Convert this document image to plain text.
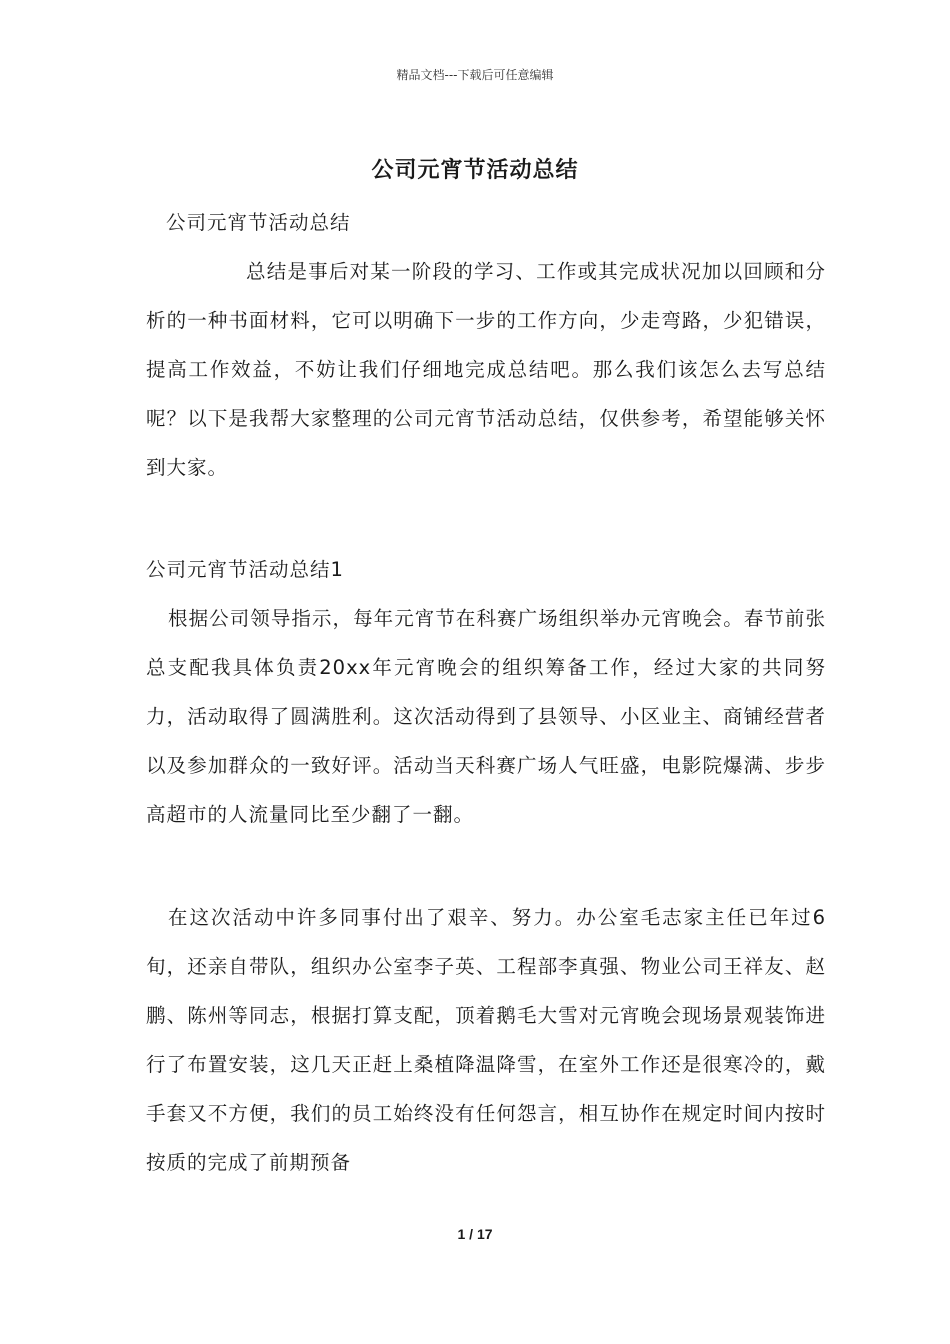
精品文档---下载后可任意编辑
公司元宵节活动总结
公司元宵节活动总结
总结是事后对某一阶段的学习、工作或其完成状况加以回顾和分析的一种书面材料，它可以明确下一步的工作方向，少走弯路，少犯错误，提高工作效益，不妨让我们仔细地完成总结吧。那么我们该怎么去写总结呢？以下是我帮大家整理的公司元宵节活动总结，仅供参考，希望能够关怀到大家。
公司元宵节活动总结1
根据公司领导指示，每年元宵节在科赛广场组织举办元宵晚会。春节前张总支配我具体负责20xx年元宵晚会的组织筹备工作，经过大家的共同努力，活动取得了圆满胜利。这次活动得到了县领导、小区业主、商铺经营者以及参加群众的一致好评。活动当天科赛广场人气旺盛，电影院爆满、步步高超市的人流量同比至少翻了一翻。
在这次活动中许多同事付出了艰辛、努力。办公室毛志家主任已年过6旬，还亲自带队，组织办公室李子英、工程部李真强、物业公司王祥友、赵鹏、陈州等同志，根据打算支配，顶着鹅毛大雪对元宵晚会现场景观装饰进行了布置安装，这几天正赶上桑植降温降雪，在室外工作还是很寒冷的，戴手套又不方便，我们的员工始终没有任何怨言，相互协作在规定时间内按时按质的完成了前期预备
1 / 17
